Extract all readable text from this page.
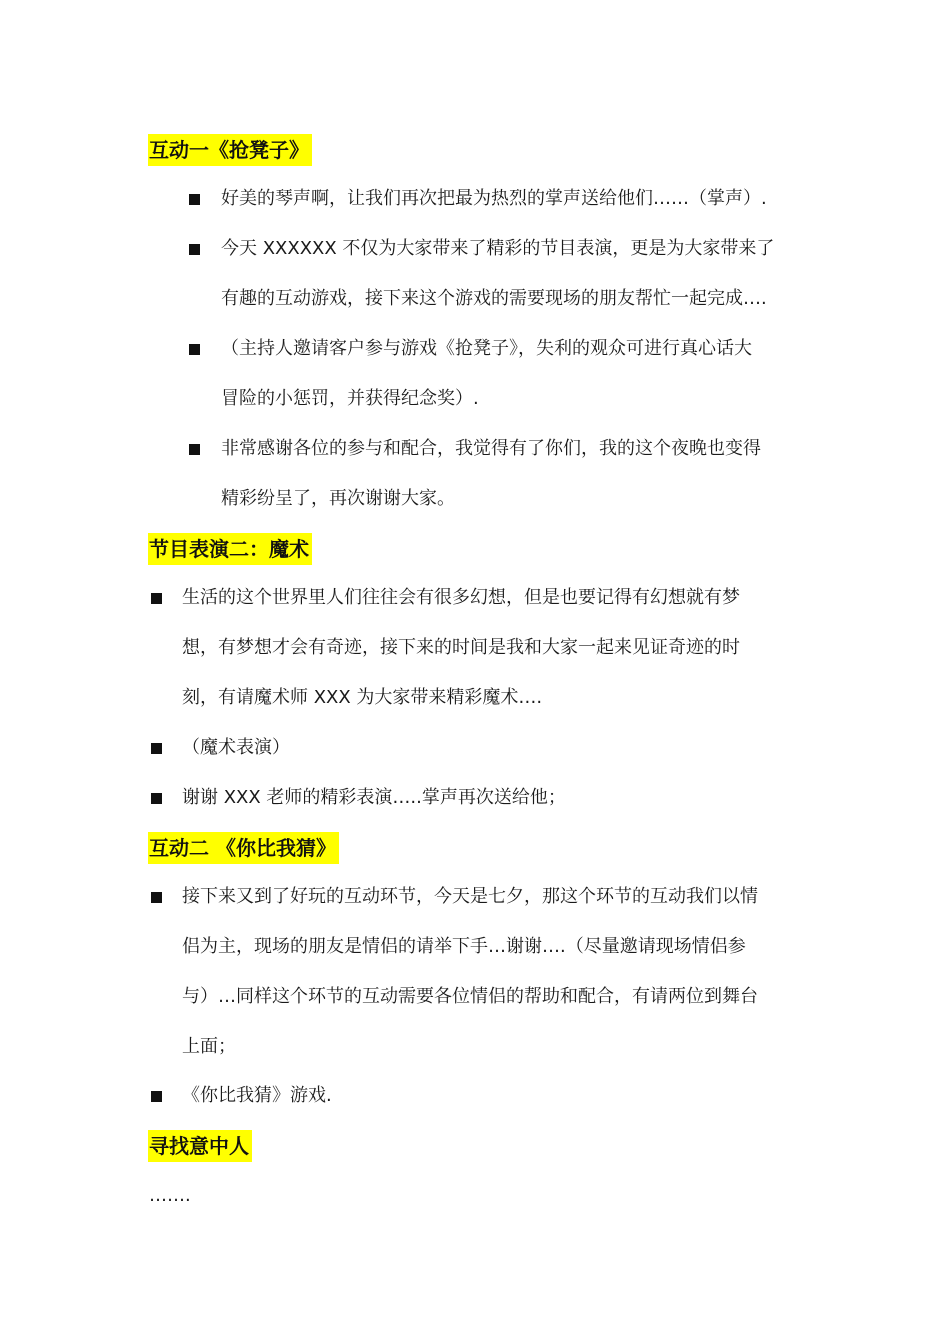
互动一《抢凳子》
好美的琴声啊，让我们再次把最为热烈的掌声送给他们……（掌声）.
今天 XXXXXX 不仅为大家带来了精彩的节目表演，更是为大家带来了
有趣的互动游戏，接下来这个游戏的需要现场的朋友帮忙一起完成….
（主持人邀请客户参与游戏《抢凳子》，失利的观众可进行真心话大
冒险的小惩罚，并获得纪念奖）.
非常感谢各位的参与和配合，我觉得有了你们，我的这个夜晚也变得
精彩纷呈了，再次谢谢大家。
节目表演二：魔术
生活的这个世界里人们往往会有很多幻想，但是也要记得有幻想就有梦
想，有梦想才会有奇迹，接下来的时间是我和大家一起来见证奇迹的时
刻，有请魔术师 XXX 为大家带来精彩魔术….
（魔术表演）
谢谢 XXX 老师的精彩表演…..掌声再次送给他；
互动二 《你比我猜》
接下来又到了好玩的互动环节，今天是七夕，那这个环节的互动我们以情
侣为主，现场的朋友是情侣的请举下手…谢谢….（尽量邀请现场情侣参
与）…同样这个环节的互动需要各位情侣的帮助和配合，有请两位到舞台
上面；
《你比我猜》游戏.
寻找意中人
…….
